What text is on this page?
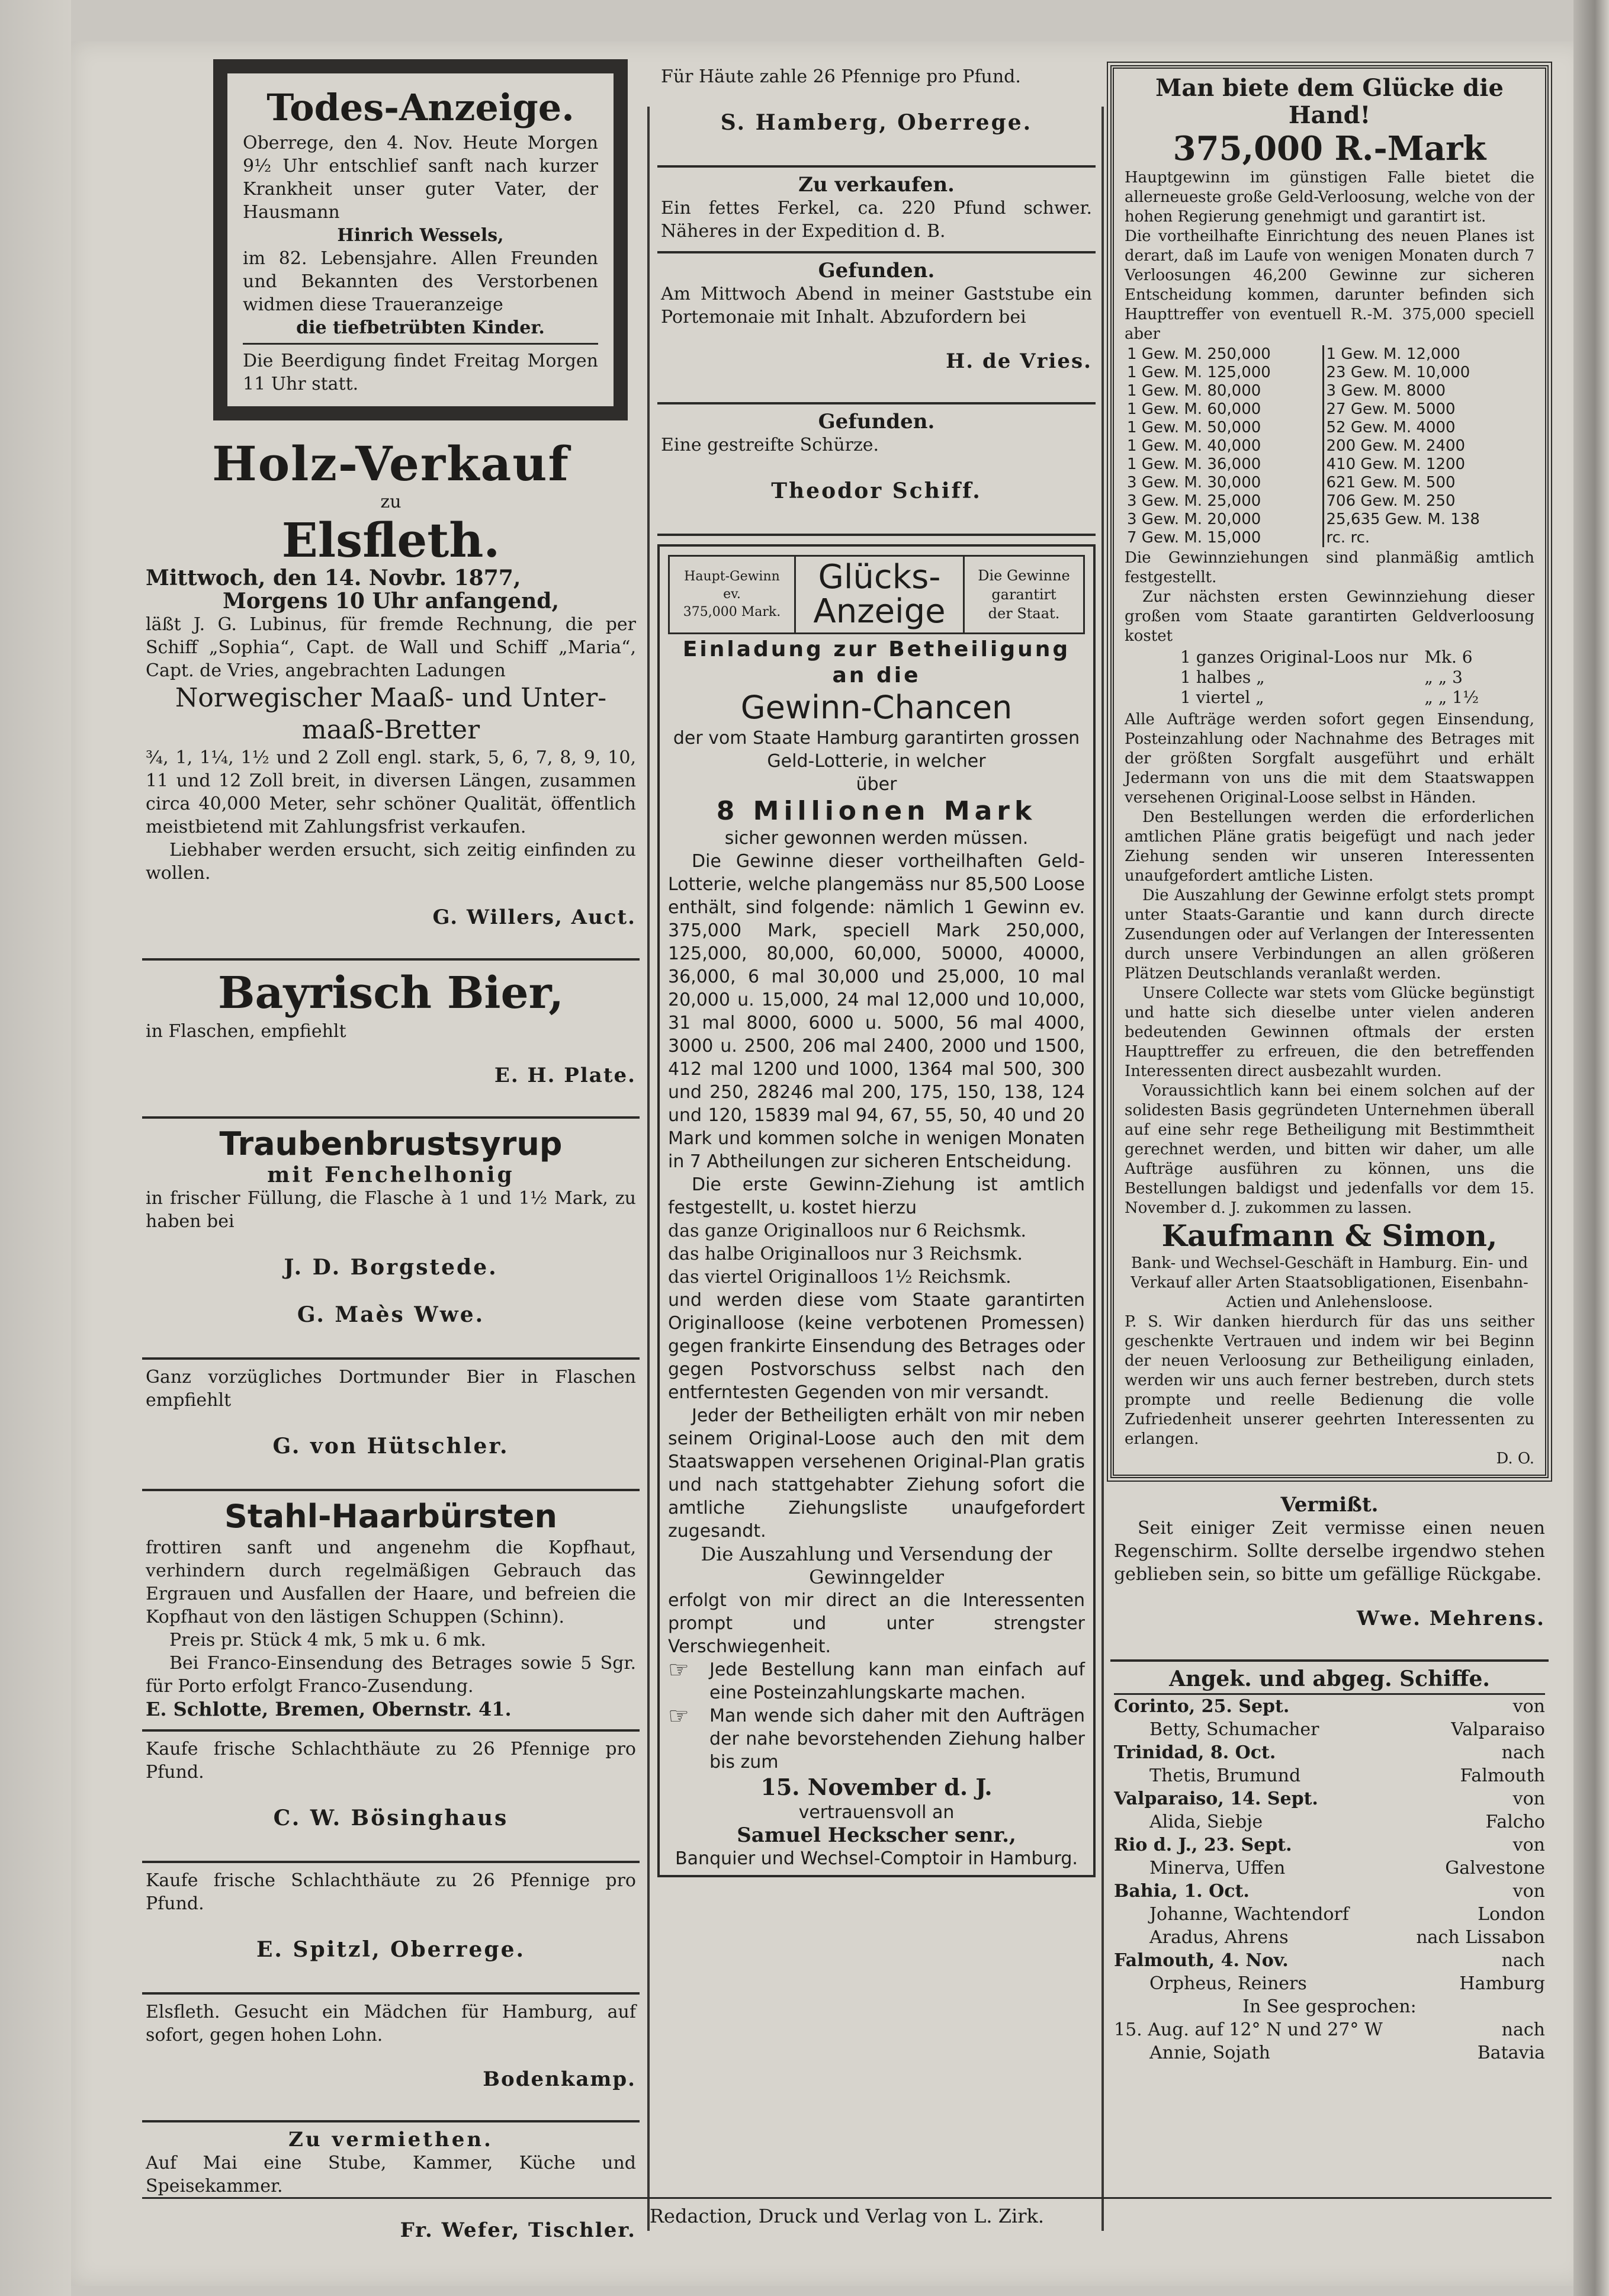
Todes-Anzeige.

Oberrege, den 4. Nov. Heute Morgen 9½ Uhr entschlief sanft nach kurzer Krankheit unser guter Vater, der Hausmann

Hinrich Wessels,

im 82. Lebensjahre. Allen Freunden und Bekannten des Verstorbenen widmen diese Traueranzeige

die tiefbetrübten Kinder.

Die Beerdigung findet Freitag Morgen 11 Uhr statt.

Holz-Verkauf

zu

Elsfleth.

Mittwoch, den 14. Novbr. 1877,

Morgens 10 Uhr anfangend,

läßt J. G. Lubinus, für fremde Rechnung, die per Schiff „Sophia“, Capt. de Wall und Schiff „Maria“, Capt. de Vries, angebrachten Ladungen

Norwegischer Maaß- und Unter-maaß-Bretter

¾, 1, 1¼, 1½ und 2 Zoll engl. stark, 5, 6, 7, 8, 9, 10, 11 und 12 Zoll breit, in diversen Längen, zusammen circa 40,000 Meter, sehr schöner Qualität, öffentlich meistbietend mit Zahlungsfrist verkaufen.

Liebhaber werden ersucht, sich zeitig einfinden zu wollen.

G. Willers, Auct.

Bayrisch Bier,

in Flaschen, empfiehlt

E. H. Plate.

Traubenbrustsyrup

mit Fenchelhonig

in frischer Füllung, die Flasche à 1 und 1½ Mark, zu haben bei

J. D. Borgstede.

G. Maès Wwe.

Ganz vorzügliches Dortmunder Bier in Flaschen empfiehlt

G. von Hütschler.

Stahl-Haarbürsten

frottiren sanft und angenehm die Kopfhaut, verhindern durch regelmäßigen Gebrauch das Ergrauen und Ausfallen der Haare, und befreien die Kopfhaut von den lästigen Schuppen (Schinn).

Preis pr. Stück 4 mk, 5 mk u. 6 mk.

Bei Franco-Einsendung des Betrages sowie 5 Sgr. für Porto erfolgt Franco-Zusendung.

E. Schlotte, Bremen, Obernstr. 41.

Kaufe frische Schlachthäute zu 26 Pfennige pro Pfund.

C. W. Bösinghaus

Kaufe frische Schlachthäute zu 26 Pfennige pro Pfund.

E. Spitzl, Oberrege.

Elsfleth. Gesucht ein Mädchen für Hamburg, auf sofort, gegen hohen Lohn.

Bodenkamp.

Zu vermiethen.

Auf Mai eine Stube, Kammer, Küche und Speisekammer.

Fr. Wefer, Tischler.

Für Häute zahle 26 Pfennige pro Pfund.

S. Hamberg, Oberrege.

Zu verkaufen.

Ein fettes Ferkel, ca. 220 Pfund schwer. Näheres in der Expedition d. B.

Gefunden.

Am Mittwoch Abend in meiner Gaststube ein Portemonaie mit Inhalt. Abzufordern bei

H. de Vries.

Gefunden.

Eine gestreifte Schürze.

Theodor Schiff.

Haupt-Gewinn
ev.
375,000 Mark.
Glücks-
Anzeige
Die Gewinne
garantirt
der Staat.

Einladung zur Betheiligung an die

Gewinn-Chancen

der vom Staate Hamburg garantirten grossen Geld-Lotterie, in welcher

über

8 Millionen Mark

sicher gewonnen werden müssen.

Die Gewinne dieser vortheilhaften Geld-Lotterie, welche plangemäss nur 85,500 Loose enthält, sind folgende: nämlich 1 Gewinn ev. 375,000 Mark, speciell Mark 250,000, 125,000, 80,000, 60,000, 50000, 40000, 36,000, 6 mal 30,000 und 25,000, 10 mal 20,000 u. 15,000, 24 mal 12,000 und 10,000, 31 mal 8000, 6000 u. 5000, 56 mal 4000, 3000 u. 2500, 206 mal 2400, 2000 und 1500, 412 mal 1200 und 1000, 1364 mal 500, 300 und 250, 28246 mal 200, 175, 150, 138, 124 und 120, 15839 mal 94, 67, 55, 50, 40 und 20 Mark und kommen solche in wenigen Monaten in 7 Abtheilungen zur sicheren Entscheidung.

Die erste Gewinn-Ziehung ist amtlich festgestellt, u. kostet hierzu

das ganze Originalloos nur 6 Reichsmk.

das halbe Originalloos nur 3 Reichsmk.

das viertel Originalloos 1½ Reichsmk.

und werden diese vom Staate garantirten Originalloose (keine verbotenen Promessen) gegen frankirte Einsendung des Betrages oder gegen Postvorschuss selbst nach den entferntesten Gegenden von mir versandt.

Jeder der Betheiligten erhält von mir neben seinem Original-Loose auch den mit dem Staatswappen versehenen Original-Plan gratis und nach stattgehabter Ziehung sofort die amtliche Ziehungsliste unaufgefordert zugesandt.

Die Auszahlung und Versendung der Gewinngelder

erfolgt von mir direct an die Interessenten prompt und unter strengster Verschwiegenheit.

☞	Jede Bestellung kann man einfach auf eine Posteinzahlungskarte machen.

☞	Man wende sich daher mit den Aufträgen der nahe bevorstehenden Ziehung halber bis zum

15. November d. J.

vertrauensvoll an

Samuel Heckscher senr.,

Banquier und Wechsel-Comptoir in Hamburg.

Man biete dem Glücke die Hand!

375,000 R.-Mark

Hauptgewinn im günstigen Falle bietet die allerneueste große Geld-Verloosung, welche von der hohen Regierung genehmigt und garantirt ist.

Die vortheilhafte Einrichtung des neuen Planes ist derart, daß im Laufe von wenigen Monaten durch 7 Verloosungen 46,200 Gewinne zur sicheren Entscheidung kommen, darunter befinden sich Haupttreffer von eventuell R.-M. 375,000 speciell aber

1 Gew. M. 250,000	1 Gew. M. 12,000
1 Gew. M. 125,000	23 Gew. M. 10,000
1 Gew. M. 80,000	3 Gew. M. 8000
1 Gew. M. 60,000	27 Gew. M. 5000
1 Gew. M. 50,000	52 Gew. M. 4000
1 Gew. M. 40,000	200 Gew. M. 2400
1 Gew. M. 36,000	410 Gew. M. 1200
3 Gew. M. 30,000	621 Gew. M. 500
3 Gew. M. 25,000	706 Gew. M. 250
3 Gew. M. 20,000	25,635 Gew. M. 138
7 Gew. M. 15,000	rc. rc.

Die Gewinnziehungen sind planmäßig amtlich festgestellt.

Zur nächsten ersten Gewinnziehung dieser großen vom Staate garantirten Geldverloosung kostet

1 ganzes Original-Loos nur	Mk. 6
1 halbes „	„ „ 3
1 viertel „	„ „ 1½

Alle Aufträge werden sofort gegen Einsendung, Posteinzahlung oder Nachnahme des Betrages mit der größten Sorgfalt ausgeführt und erhält Jedermann von uns die mit dem Staatswappen versehenen Original-Loose selbst in Händen.

Den Bestellungen werden die erforderlichen amtlichen Pläne gratis beigefügt und nach jeder Ziehung senden wir unseren Interessenten unaufgefordert amtliche Listen.

Die Auszahlung der Gewinne erfolgt stets prompt unter Staats-Garantie und kann durch directe Zusendungen oder auf Verlangen der Interessenten durch unsere Verbindungen an allen größeren Plätzen Deutschlands veranlaßt werden.

Unsere Collecte war stets vom Glücke begünstigt und hatte sich dieselbe unter vielen anderen bedeutenden Gewinnen oftmals der ersten Haupttreffer zu erfreuen, die den betreffenden Interessenten direct ausbezahlt wurden.

Voraussichtlich kann bei einem solchen auf der solidesten Basis gegründeten Unternehmen überall auf eine sehr rege Betheiligung mit Bestimmtheit gerechnet werden, und bitten wir daher, um alle Aufträge ausführen zu können, uns die Bestellungen baldigst und jedenfalls vor dem 15. November d. J. zukommen zu lassen.

Kaufmann & Simon,

Bank- und Wechsel-Geschäft in Hamburg. Ein- und Verkauf aller Arten Staatsobligationen, Eisenbahn-Actien und Anlehensloose.

P. S. Wir danken hierdurch für das uns seither geschenkte Vertrauen und indem wir bei Beginn der neuen Verloosung zur Betheiligung einladen, werden wir uns auch ferner bestreben, durch stets prompte und reelle Bedienung die volle Zufriedenheit unserer geehrten Interessenten zu erlangen.

D. O.

Vermißt.

Seit einiger Zeit vermisse einen neuen Regenschirm. Sollte derselbe irgendwo stehen geblieben sein, so bitte um gefällige Rückgabe.

Wwe. Mehrens.

Angek. und abgeg. Schiffe.

Corinto, 25. Sept.	von
Betty, Schumacher	Valparaiso
Trinidad, 8. Oct.	nach
Thetis, Brumund	Falmouth
Valparaiso, 14. Sept.	von
Alida, Siebje	Falcho
Rio d. J., 23. Sept.	von
Minerva, Uffen	Galvestone
Bahia, 1. Oct.	von
Johanne, Wachtendorf	London
Aradus, Ahrens	nach Lissabon
Falmouth, 4. Nov.	nach
Orpheus, Reiners	Hamburg

In See gesprochen:

15. Aug. auf 12° N und 27° W	nach
Annie, Sojath	Batavia
Redaction, Druck und Verlag von L. Zirk.
